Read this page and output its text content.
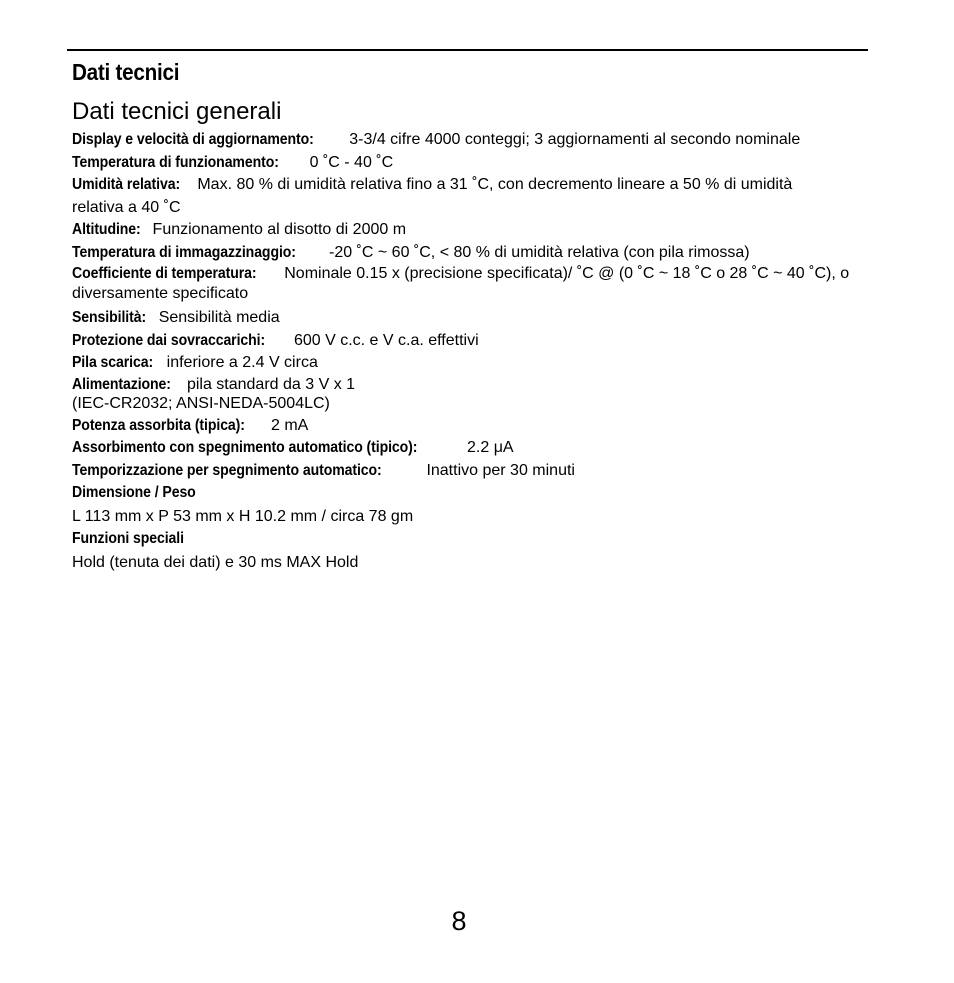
Dati tecnici
Dati tecnici generali
Display e velocità di aggiornamento: 3-3/4 cifre 4000 conteggi; 3 aggiornamenti al secondo nominale
Temperatura di funzionamento: 0 ˚C - 40 ˚C
Umidità relativa: Max. 80 % di umidità relativa fino a 31 ˚C, con decremento lineare a 50 % di umidità relativa a 40 ˚C
Altitudine: Funzionamento al disotto di 2000 m
Temperatura di immagazzinaggio: -20 ˚C ~ 60 ˚C, < 80 % di umidità relativa (con pila rimossa)
Coefficiente di temperatura: Nominale 0.15 x (precisione specificata)/ ˚C @ (0 ˚C ~ 18 ˚C o 28 ˚C ~ 40 ˚C), o diversamente specificato
Sensibilità: Sensibilità media
Protezione dai sovraccarichi: 600 V c.c. e V c.a. effettivi
Pila scarica: inferiore a 2.4 V circa
Alimentazione: pila standard da 3 V x 1
(IEC-CR2032; ANSI-NEDA-5004LC)
Potenza assorbita (tipica): 2 mA
Assorbimento con spegnimento automatico (tipico):	2.2 μA
Temporizzazione per spegnimento automatico:	Inattivo per 30 minuti
Dimensione / Peso
L 113 mm x P 53 mm x H 10.2 mm / circa 78 gm
Funzioni speciali
Hold (tenuta dei dati) e 30 ms MAX Hold
8
